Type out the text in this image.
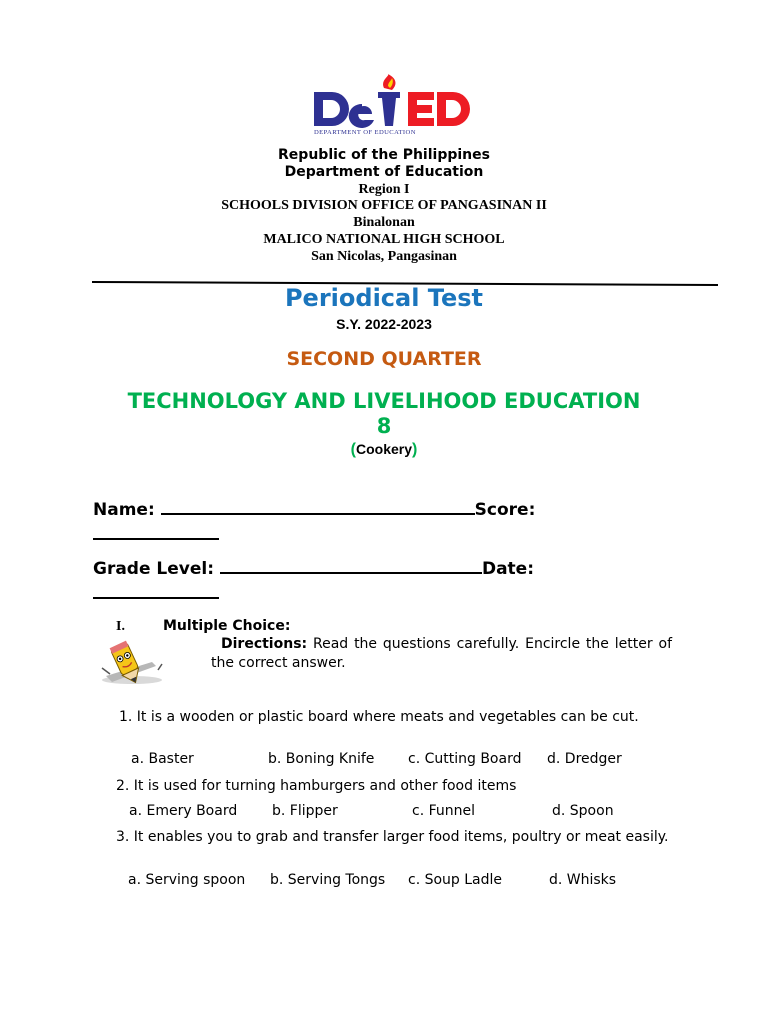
DEPARTMENT OF EDUCATION
Republic of the Philippines
Department of Education
Region I
SCHOOLS DIVISION OFFICE OF PANGASINAN II
Binalonan
MALICO NATIONAL HIGH SCHOOL
San Nicolas, Pangasinan
Periodical Test
S.Y. 2022-2023
SECOND QUARTER
TECHNOLOGY AND LIVELIHOOD EDUCATION
8
(Cookery)
Name:	Score:
Grade Level:	Date:
I.	Multiple Choice:
Directions: Read the questions carefully. Encircle the letter of the correct answer.
1. It is a wooden or plastic board where meats and vegetables can be cut.
a. Baster	b. Boning Knife c. Cutting Board d. Dredger
2. It is used for turning hamburgers and other food items
a. Emery Board b. Flipper	c. Funnel	d. Spoon
3. It enables you to grab and transfer larger food items, poultry or meat easily.
a. Serving spoon b. Serving Tongs c. Soup Ladle	d. Whisks
